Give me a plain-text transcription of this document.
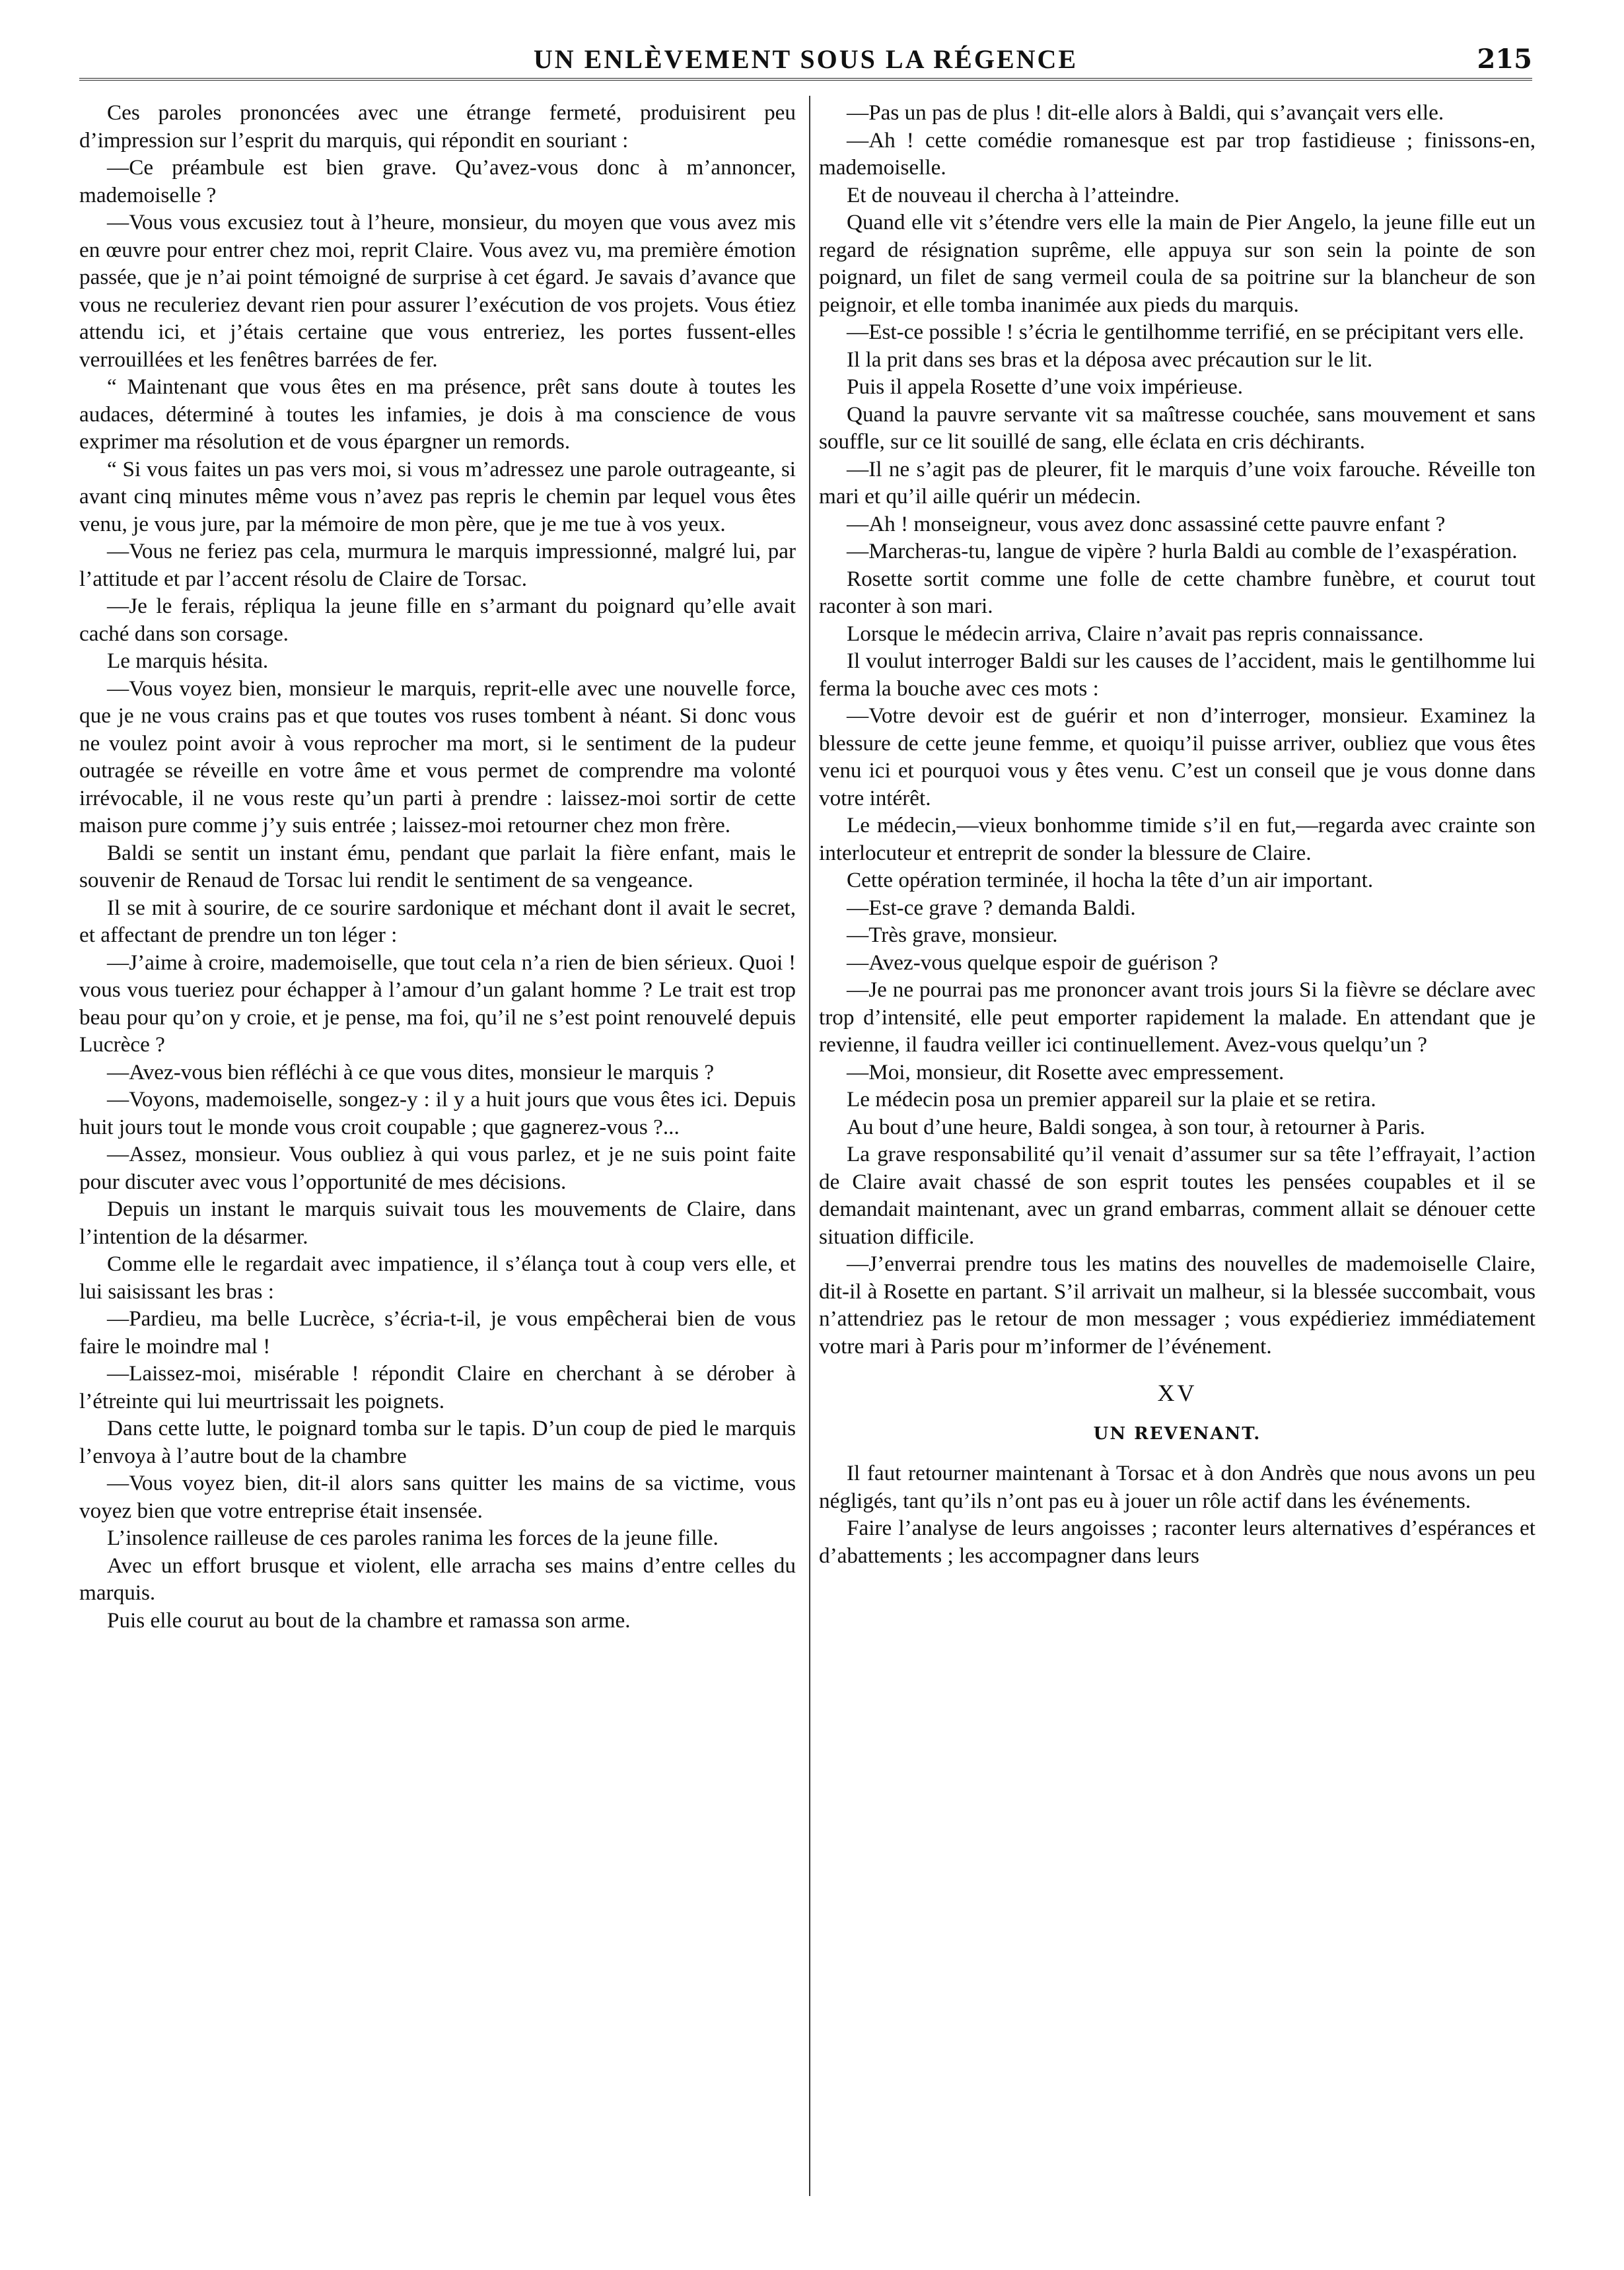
UN ENLÈVEMENT SOUS LA RÉGENCE	215

Ces paroles prononcées avec une étrange fermeté, produisirent peu d’impression sur l’esprit du marquis, qui répondit en souriant :

—Ce préambule est bien grave. Qu’avez-vous donc à m’annoncer, mademoiselle ?

—Vous vous excusiez tout à l’heure, monsieur, du moyen que vous avez mis en œuvre pour entrer chez moi, reprit Claire. Vous avez vu, ma première émotion passée, que je n’ai point témoigné de surprise à cet égard. Je savais d’avance que vous ne reculeriez devant rien pour assurer l’exécution de vos projets. Vous étiez attendu ici, et j’étais certaine que vous entreriez, les portes fussent-elles verrouillées et les fenêtres barrées de fer.

“ Maintenant que vous êtes en ma présence, prêt sans doute à toutes les audaces, déterminé à toutes les infamies, je dois à ma conscience de vous exprimer ma résolution et de vous épargner un remords.

“ Si vous faites un pas vers moi, si vous m’adressez une parole outrageante, si avant cinq minutes même vous n’avez pas repris le chemin par lequel vous êtes venu, je vous jure, par la mémoire de mon père, que je me tue à vos yeux.

—Vous ne feriez pas cela, murmura le marquis impressionné, malgré lui, par l’attitude et par l’accent résolu de Claire de Torsac.

—Je le ferais, répliqua la jeune fille en s’armant du poignard qu’elle avait caché dans son corsage.

Le marquis hésita.

—Vous voyez bien, monsieur le marquis, reprit-elle avec une nouvelle force, que je ne vous crains pas et que toutes vos ruses tombent à néant. Si donc vous ne voulez point avoir à vous reprocher ma mort, si le sentiment de la pudeur outragée se réveille en votre âme et vous permet de comprendre ma volonté irrévocable, il ne vous reste qu’un parti à prendre : laissez-moi sortir de cette maison pure comme j’y suis entrée ; laissez-moi retourner chez mon frère.

Baldi se sentit un instant ému, pendant que parlait la fière enfant, mais le souvenir de Renaud de Torsac lui rendit le sentiment de sa vengeance.

Il se mit à sourire, de ce sourire sardonique et méchant dont il avait le secret, et affectant de prendre un ton léger :

—J’aime à croire, mademoiselle, que tout cela n’a rien de bien sérieux. Quoi ! vous vous tueriez pour échapper à l’amour d’un galant homme ? Le trait est trop beau pour qu’on y croie, et je pense, ma foi, qu’il ne s’est point renouvelé depuis Lucrèce ?

—Avez-vous bien réfléchi à ce que vous dites, monsieur le marquis ?

—Voyons, mademoiselle, songez-y : il y a huit jours que vous êtes ici. Depuis huit jours tout le monde vous croit coupable ; que gagnerez-vous ?...

—Assez, monsieur. Vous oubliez à qui vous parlez, et je ne suis point faite pour discuter avec vous l’opportunité de mes décisions.

Depuis un instant le marquis suivait tous les mouvements de Claire, dans l’intention de la désarmer.

Comme elle le regardait avec impatience, il s’élança tout à coup vers elle, et lui saisissant les bras :

—Pardieu, ma belle Lucrèce, s’écria-t-il, je vous empêcherai bien de vous faire le moindre mal !

—Laissez-moi, misérable ! répondit Claire en cherchant à se dérober à l’étreinte qui lui meurtrissait les poignets.

Dans cette lutte, le poignard tomba sur le tapis. D’un coup de pied le marquis l’envoya à l’autre bout de la chambre

—Vous voyez bien, dit-il alors sans quitter les mains de sa victime, vous voyez bien que votre entreprise était insensée.

L’insolence railleuse de ces paroles ranima les forces de la jeune fille.

Avec un effort brusque et violent, elle arracha ses mains d’entre celles du marquis.

Puis elle courut au bout de la chambre et ramassa son arme.

—Pas un pas de plus ! dit-elle alors à Baldi, qui s’avançait vers elle.

—Ah ! cette comédie romanesque est par trop fastidieuse ; finissons-en, mademoiselle.

Et de nouveau il chercha à l’atteindre.

Quand elle vit s’étendre vers elle la main de Pier Angelo, la jeune fille eut un regard de résignation suprême, elle appuya sur son sein la pointe de son poignard, un filet de sang vermeil coula de sa poitrine sur la blancheur de son peignoir, et elle tomba inanimée aux pieds du marquis.

—Est-ce possible ! s’écria le gentilhomme terrifié, en se précipitant vers elle.

Il la prit dans ses bras et la déposa avec précaution sur le lit.

Puis il appela Rosette d’une voix impérieuse.

Quand la pauvre servante vit sa maîtresse couchée, sans mouvement et sans souffle, sur ce lit souillé de sang, elle éclata en cris déchirants.

—Il ne s’agit pas de pleurer, fit le marquis d’une voix farouche. Réveille ton mari et qu’il aille quérir un médecin.

—Ah ! monseigneur, vous avez donc assassiné cette pauvre enfant ?

—Marcheras-tu, langue de vipère ? hurla Baldi au comble de l’exaspération.

Rosette sortit comme une folle de cette chambre funèbre, et courut tout raconter à son mari.

Lorsque le médecin arriva, Claire n’avait pas repris connaissance.

Il voulut interroger Baldi sur les causes de l’accident, mais le gentilhomme lui ferma la bouche avec ces mots :

—Votre devoir est de guérir et non d’interroger, monsieur. Examinez la blessure de cette jeune femme, et quoiqu’il puisse arriver, oubliez que vous êtes venu ici et pourquoi vous y êtes venu. C’est un conseil que je vous donne dans votre intérêt.

Le médecin,—vieux bonhomme timide s’il en fut,—regarda avec crainte son interlocuteur et entreprit de sonder la blessure de Claire.

Cette opération terminée, il hocha la tête d’un air important.

—Est-ce grave ? demanda Baldi.

—Très grave, monsieur.

—Avez-vous quelque espoir de guérison ?

—Je ne pourrai pas me prononcer avant trois jours Si la fièvre se déclare avec trop d’intensité, elle peut emporter rapidement la malade. En attendant que je revienne, il faudra veiller ici continuellement. Avez-vous quelqu’un ?

—Moi, monsieur, dit Rosette avec empressement.

Le médecin posa un premier appareil sur la plaie et se retira.

Au bout d’une heure, Baldi songea, à son tour, à retourner à Paris.

La grave responsabilité qu’il venait d’assumer sur sa tête l’effrayait, l’action de Claire avait chassé de son esprit toutes les pensées coupables et il se demandait maintenant, avec un grand embarras, comment allait se dénouer cette situation difficile.

—J’enverrai prendre tous les matins des nouvelles de mademoiselle Claire, dit-il à Rosette en partant. S’il arrivait un malheur, si la blessée succombait, vous n’attendriez pas le retour de mon messager ; vous expédieriez immédiatement votre mari à Paris pour m’informer de l’événement.

XV
UN REVENANT.

Il faut retourner maintenant à Torsac et à don Andrès que nous avons un peu négligés, tant qu’ils n’ont pas eu à jouer un rôle actif dans les événements.

Faire l’analyse de leurs angoisses ; raconter leurs alternatives d’espérances et d’abattements ; les accompagner dans leurs
